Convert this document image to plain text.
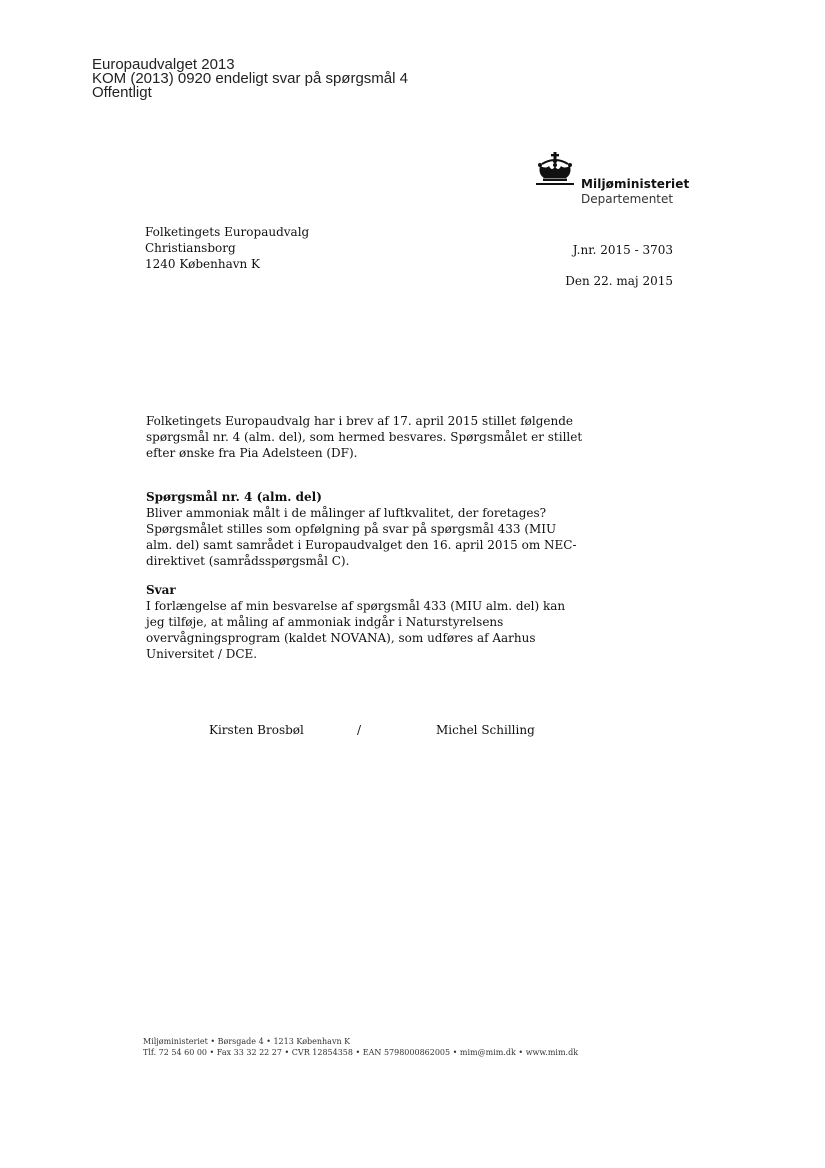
Europaudvalget 2013
KOM (2013) 0920 endeligt svar på spørgsmål 4
Offentligt
Miljøministeriet
Departementet
Folketingets Europaudvalg
Christiansborg
1240 København K
J.nr. 2015 - 3703
Den 22. maj 2015

Folketingets Europaudvalg har i brev af 17. april 2015 stillet følgende spørgsmål nr. 4 (alm. del), som hermed besvares. Spørgsmålet er stillet efter ønske fra Pia Adelsteen (DF).

Spørgsmål nr. 4 (alm. del)

Bliver ammoniak målt i de målinger af luftkvalitet, der foretages? Spørgsmålet stilles som opfølgning på svar på spørgsmål 433 (MIU alm. del) samt samrådet i Europaudvalget den 16. april 2015 om NEC-direktivet (samrådsspørgsmål C).

Svar

I forlængelse af min besvarelse af spørgsmål 433 (MIU alm. del) kan jeg tilføje, at måling af ammoniak indgår i Naturstyrelsens overvågningsprogram (kaldet NOVANA), som udføres af Aarhus Universitet / DCE.

Kirsten Brosbøl	/	Michel Schilling
Miljøministeriet • Børsgade 4 • 1213 København K
Tlf. 72 54 60 00 • Fax 33 32 22 27 • CVR 12854358 • EAN 5798000862005 • mim@mim.dk • www.mim.dk
